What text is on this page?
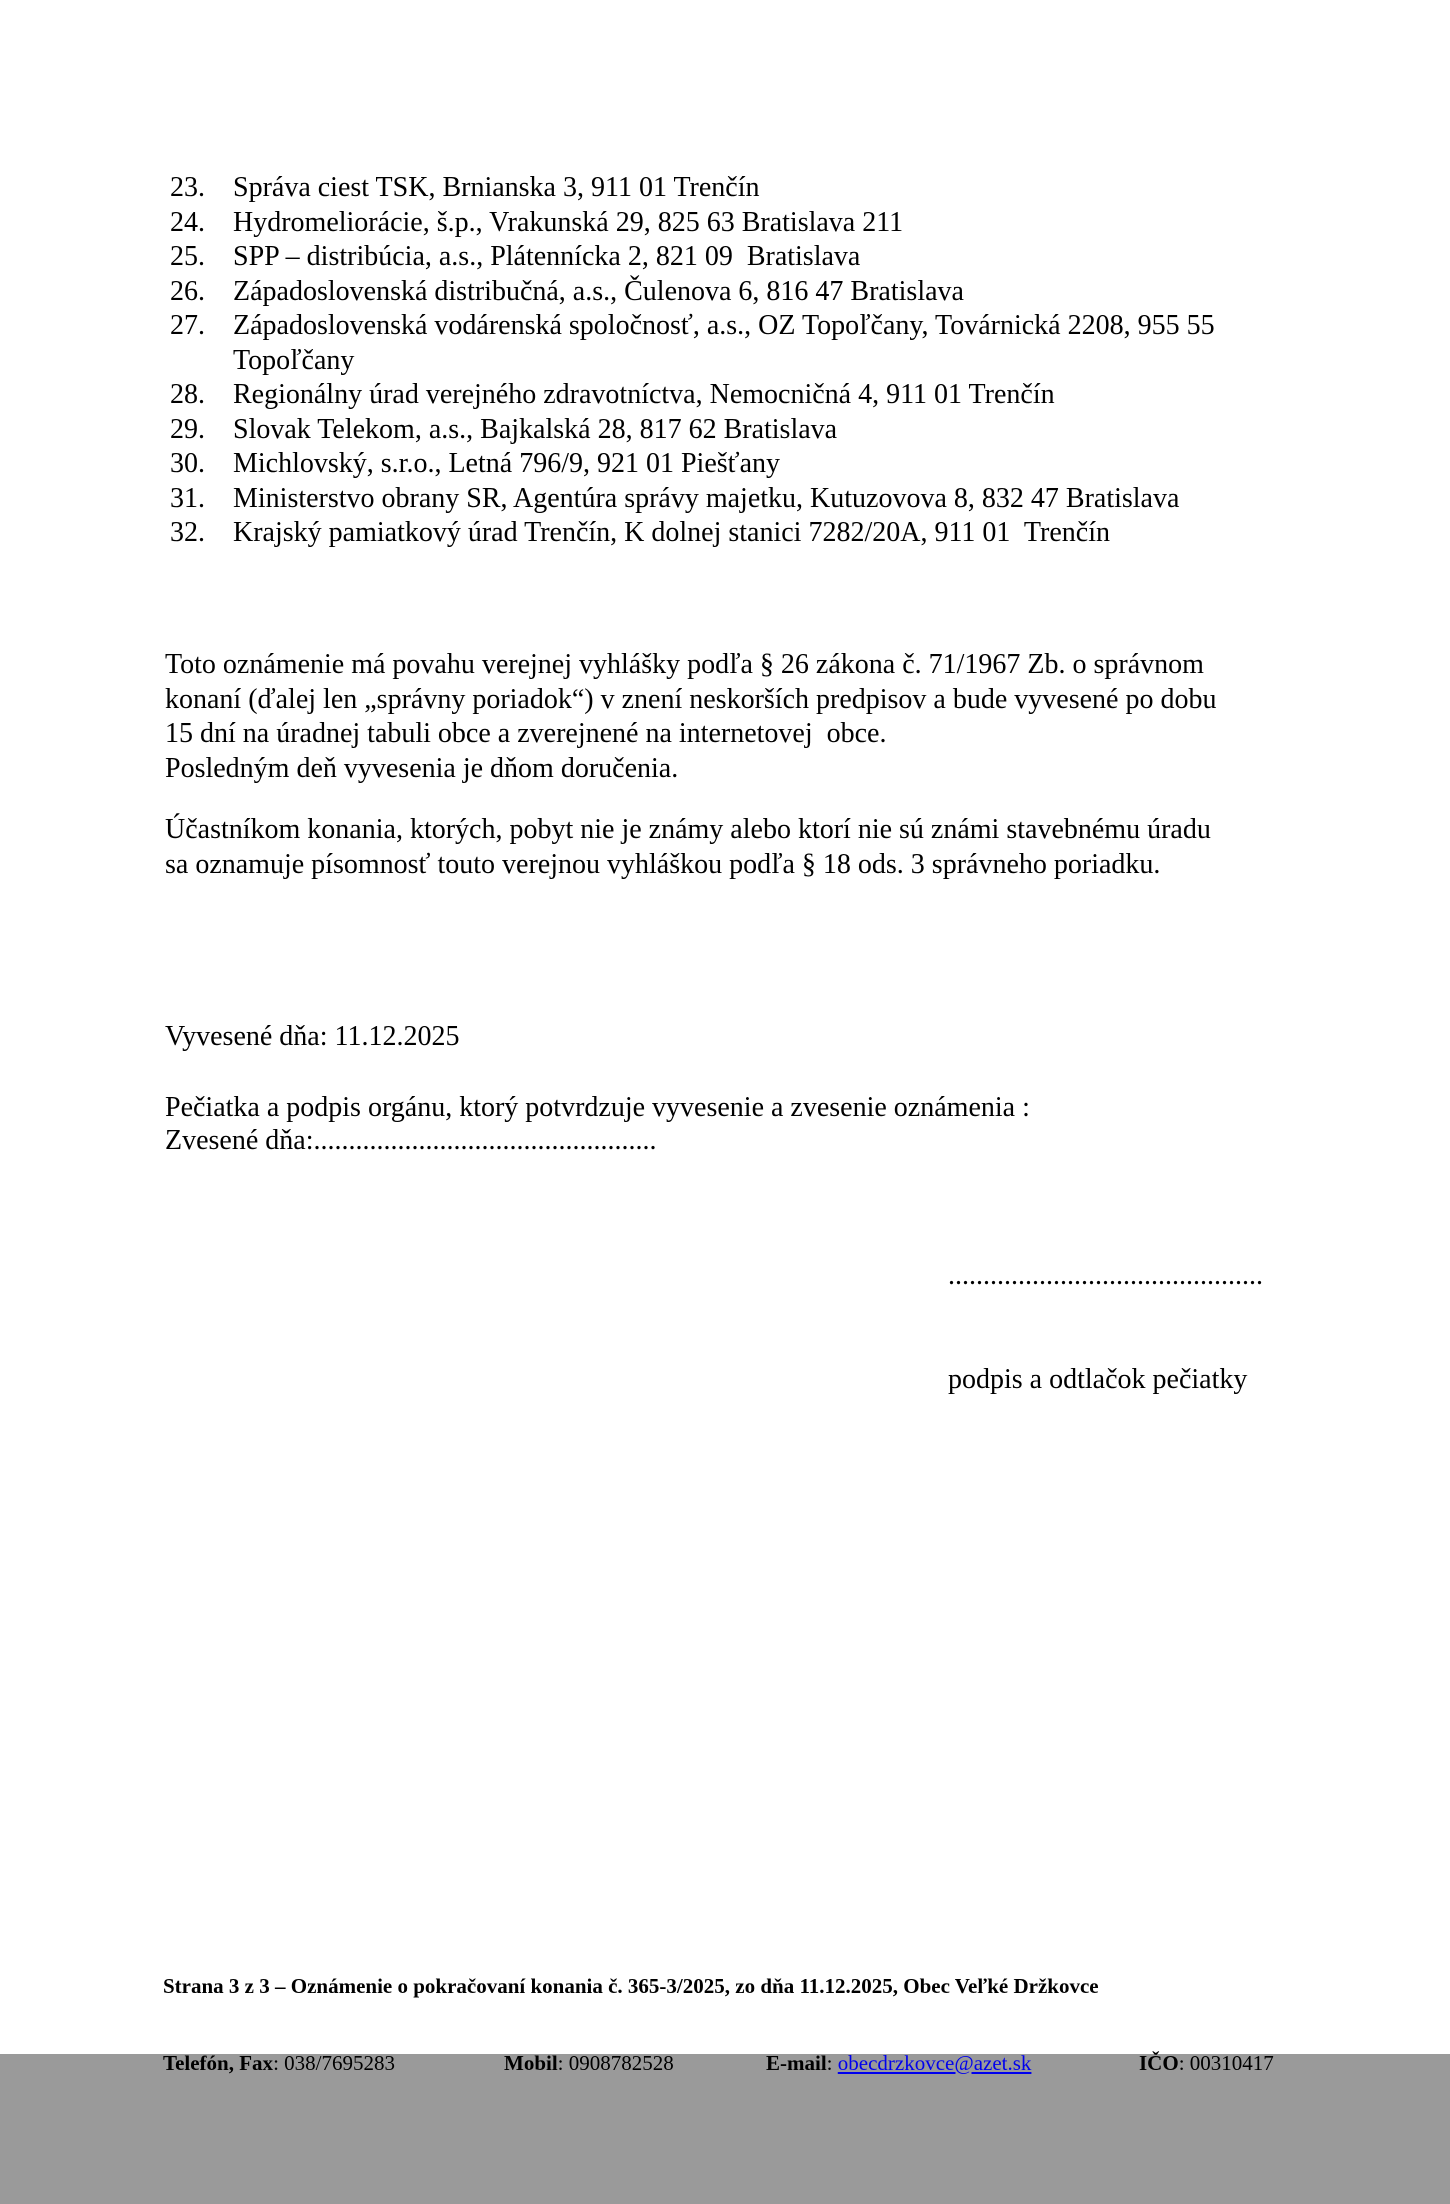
23.	Správa ciest TSK, Brnianska 3, 911 01 Trenčín
24.	Hydromeliorácie, š.p., Vrakunská 29, 825 63 Bratislava 211
25.	SPP – distribúcia, a.s., Plátennícka 2, 821 09  Bratislava
26.	Západoslovenská distribučná, a.s., Čulenova 6, 816 47 Bratislava
27.	Západoslovenská vodárenská spoločnosť, a.s., OZ Topoľčany, Továrnická 2208, 955 55
Topoľčany
28.	Regionálny úrad verejného zdravotníctva, Nemocničná 4, 911 01 Trenčín
29.	Slovak Telekom, a.s., Bajkalská 28, 817 62 Bratislava
30.	Michlovský, s.r.o., Letná 796/9, 921 01 Piešťany
31.	Ministerstvo obrany SR, Agentúra správy majetku, Kutuzovova 8, 832 47 Bratislava
32.	Krajský pamiatkový úrad Trenčín, K dolnej stanici 7282/20A, 911 01  Trenčín
Toto oznámenie má povahu verejnej vyhlášky podľa § 26 zákona č. 71/1967 Zb. o správnom
konaní (ďalej len „správny poriadok“) v znení neskorších predpisov a bude vyvesené po dobu
15 dní na úradnej tabuli obce a zverejnené na internetovej  obce.
Posledným deň vyvesenia je dňom doručenia.
Účastníkom konania, ktorých, pobyt nie je známy alebo ktorí nie sú známi stavebnému úradu
sa oznamuje písomnosť touto verejnou vyhláškou podľa § 18 ods. 3 správneho poriadku.

Vyvesené dňa: 11.12.2025

Zvesené dňa:.................................................

Pečiatka a podpis orgánu, ktorý potvrdzuje vyvesenie a zvesenie oznámenia :

.............................................

podpis a odtlačok pečiatky

Strana 3 z 3 – Oznámenie o pokračovaní konania č. 365-3/2025, zo dňa 11.12.2025, Obec Veľké Držkovce

Telefón, Fax: 038/7695283

	Mobil: 0908782528

	E-mail: obecdrzkovce@azet.sk

	IČO: 00310417
